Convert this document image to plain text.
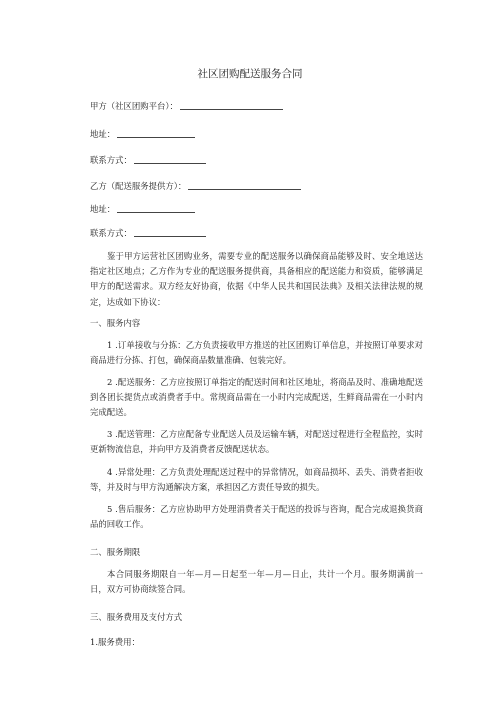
社区团购配送服务合同
甲方（社区团购平台）：
地址：
联系方式：
乙方（配送服务提供方）：
地址：
联系方式：
鉴于甲方运营社区团购业务，需要专业的配送服务以确保商品能够及时、安全地送达指定社区地点；乙方作为专业的配送服务提供商，具备相应的配送能力和资质，能够满足甲方的配送需求。双方经友好协商，依据《中华人民共和国民法典》及相关法律法规的规定，达成如下协议：
一、服务内容
1 .订单接收与分拣：乙方负责接收甲方推送的社区团购订单信息，并按照订单要求对商品进行分拣、打包，确保商品数量准确、包装完好。
2 .配送服务：乙方应按照订单指定的配送时间和社区地址，将商品及时、准确地配送到各团长提货点或消费者手中。常规商品需在一小时内完成配送，生鲜商品需在一小时内完成配送。
3 .配送管理：乙方应配备专业配送人员及运输车辆，对配送过程进行全程监控，实时更新物流信息，并向甲方及消费者反馈配送状态。
4 .异常处理：乙方负责处理配送过程中的异常情况，如商品损坏、丢失、消费者拒收等，并及时与甲方沟通解决方案，承担因乙方责任导致的损失。
5 .售后服务：乙方应协助甲方处理消费者关于配送的投诉与咨询，配合完成退换货商品的回收工作。
二、服务期限
本合同服务期限自一年—月—日起至一年—月—日止，共计一个月。服务期满前一日，双方可协商续签合同。
三、服务费用及支付方式
1.服务费用：
